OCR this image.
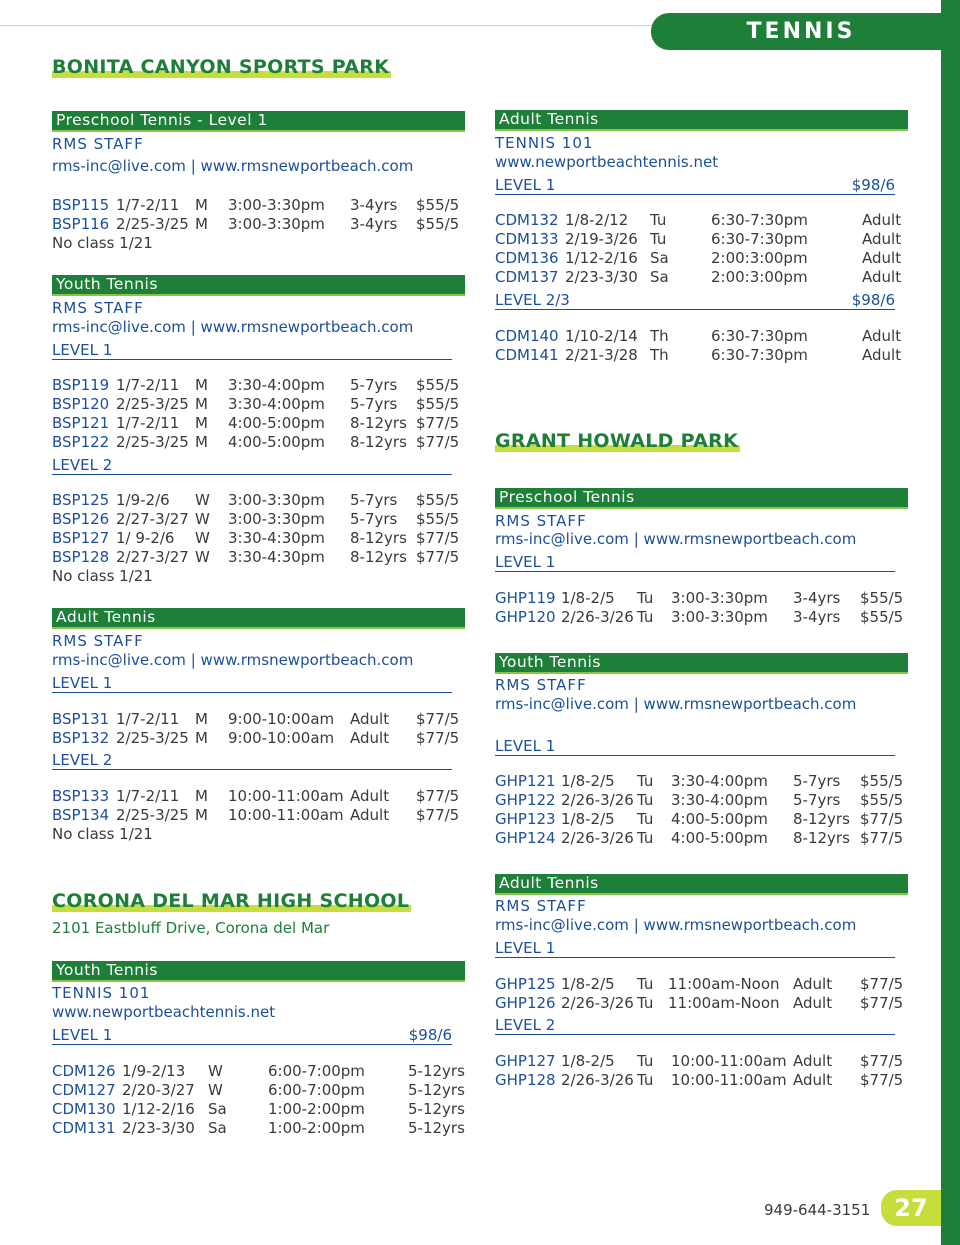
TENNIS
BONITA CANYON SPORTS PARK
Preschool Tennis - Level 1
RMS STAFF
rms-inc@live.com | www.rmsnewportbeach.com
BSP115 1/7-2/11 M 3:00-3:30pm 3-4yrs $55/5
BSP116 2/25-3/25 M 3:00-3:30pm 3-4yrs $55/5
No class 1/21
Youth Tennis
RMS STAFF
rms-inc@live.com | www.rmsnewportbeach.com
LEVEL 1
BSP119 1/7-2/11 M 3:30-4:00pm 5-7yrs $55/5
BSP120 2/25-3/25 M 3:30-4:00pm 5-7yrs $55/5
BSP121 1/7-2/11 M 4:00-5:00pm 8-12yrs $77/5
BSP122 2/25-3/25 M 4:00-5:00pm 8-12yrs $77/5
LEVEL 2
BSP125 1/9-2/6 W 3:00-3:30pm 5-7yrs $55/5
BSP126 2/27-3/27 W 3:00-3:30pm 5-7yrs $55/5
BSP127 1/ 9-2/6 W 3:30-4:30pm 8-12yrs $77/5
BSP128 2/27-3/27 W 3:30-4:30pm 8-12yrs $77/5
No class 1/21
Adult Tennis
RMS STAFF
rms-inc@live.com | www.rmsnewportbeach.com
LEVEL 1
BSP131 1/7-2/11 M 9:00-10:00am Adult $77/5
BSP132 2/25-3/25 M 9:00-10:00am Adult $77/5
LEVEL 2
BSP133 1/7-2/11 M 10:00-11:00am Adult $77/5
BSP134 2/25-3/25 M 10:00-11:00am Adult $77/5
No class 1/21
CORONA DEL MAR HIGH SCHOOL
2101 Eastbluff Drive, Corona del Mar
Youth Tennis
TENNIS 101
www.newportbeachtennis.net
LEVEL 1	$98/6
CDM126 1/9-2/13 W	6:00-7:00pm	5-12yrs
CDM127 2/20-3/27 W	6:00-7:00pm	5-12yrs
CDM130 1/12-2/16 Sa	1:00-2:00pm	5-12yrs
CDM131 2/23-3/30 Sa	1:00-2:00pm	5-12yrs
Adult Tennis
TENNIS 101
www.newportbeachtennis.net
LEVEL 1	$98/6
CDM132 1/8-2/12 Tu	6:30-7:30pm	Adult
CDM133 2/19-3/26 Tu	6:30-7:30pm	Adult
CDM136 1/12-2/16 Sa	2:00:3:00pm	Adult
CDM137 2/23-3/30 Sa	2:00:3:00pm	Adult
LEVEL 2/3	$98/6
CDM140 1/10-2/14 Th	6:30-7:30pm	Adult
CDM141 2/21-3/28 Th	6:30-7:30pm	Adult
GRANT HOWALD PARK
Preschool Tennis
RMS STAFF
rms-inc@live.com | www.rmsnewportbeach.com
LEVEL 1
GHP119 1/8-2/5 Tu 3:00-3:30pm 3-4yrs $55/5
GHP120 2/26-3/26 Tu 3:00-3:30pm 3-4yrs $55/5
Youth Tennis
RMS STAFF
rms-inc@live.com | www.rmsnewportbeach.com
LEVEL 1
GHP121 1/8-2/5 Tu 3:30-4:00pm 5-7yrs $55/5
GHP122 2/26-3/26 Tu 3:30-4:00pm 5-7yrs $55/5
GHP123 1/8-2/5 Tu 4:00-5:00pm 8-12yrs $77/5
GHP124 2/26-3/26 Tu 4:00-5:00pm 8-12yrs $77/5
Adult Tennis
RMS STAFF
rms-inc@live.com | www.rmsnewportbeach.com
LEVEL 1
GHP125 1/8-2/5 Tu 11:00am-Noon Adult $77/5
GHP126 2/26-3/26 Tu 11:00am-Noon Adult $77/5
LEVEL 2
GHP127 1/8-2/5 Tu 10:00-11:00am Adult $77/5
GHP128 2/26-3/26 Tu 10:00-11:00am Adult $77/5
949-644-3151	27
